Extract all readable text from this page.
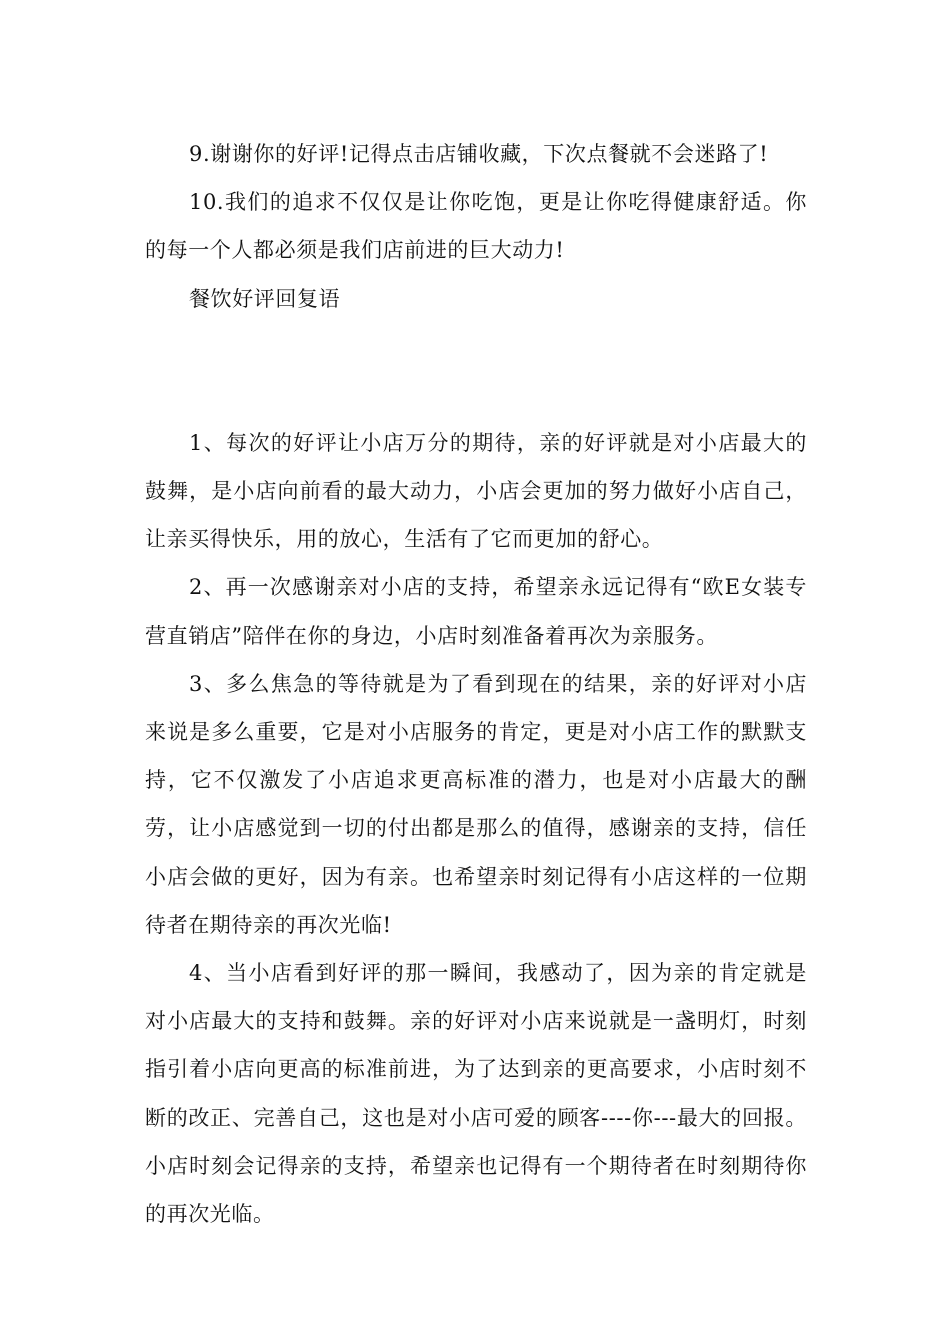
9.谢谢你的好评!记得点击店铺收藏，下次点餐就不会迷路了!

10.我们的追求不仅仅是让你吃饱，更是让你吃得健康舒适。你的每一个人都必须是我们店前进的巨大动力!

餐饮好评回复语

1、每次的好评让小店万分的期待，亲的好评就是对小店最大的鼓舞，是小店向前看的最大动力，小店会更加的努力做好小店自己，让亲买得快乐，用的放心，生活有了它而更加的舒心。

2、再一次感谢亲对小店的支持，希望亲永远记得有“欧E女装专营直销店”陪伴在你的身边，小店时刻准备着再次为亲服务。

3、多么焦急的等待就是为了看到现在的结果，亲的好评对小店来说是多么重要，它是对小店服务的肯定，更是对小店工作的默默支持，它不仅激发了小店追求更高标准的潜力，也是对小店最大的酬劳，让小店感觉到一切的付出都是那么的值得，感谢亲的支持，信任小店会做的更好，因为有亲。也希望亲时刻记得有小店这样的一位期待者在期待亲的再次光临!

4、当小店看到好评的那一瞬间，我感动了，因为亲的肯定就是对小店最大的支持和鼓舞。亲的好评对小店来说就是一盏明灯，时刻指引着小店向更高的标准前进，为了达到亲的更高要求，小店时刻不断的改正、完善自己，这也是对小店可爱的顾客----你---最大的回报。小店时刻会记得亲的支持，希望亲也记得有一个期待者在时刻期待你的再次光临。
